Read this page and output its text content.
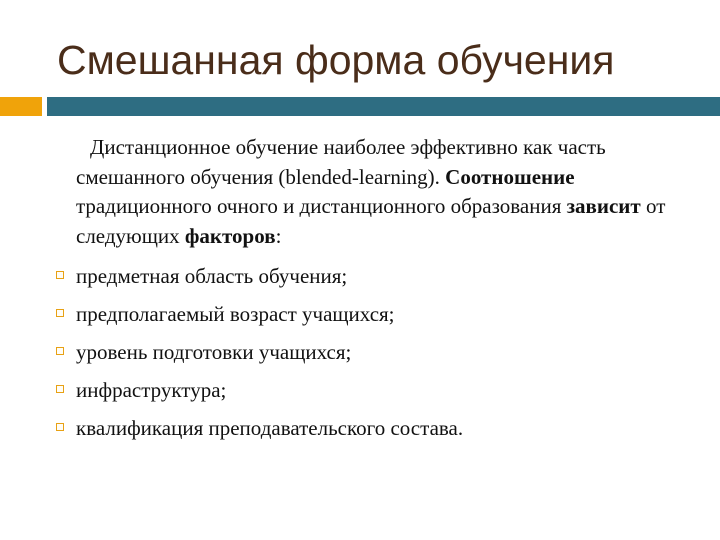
Смешанная форма обучения

Дистанционное обучение наиболее эффективно как часть смешанного обучения (blended-learning). Соотношение традиционного очного и дистанционного образования зависит от следующих факторов:

предметная область обучения;
предполагаемый возраст учащихся;
уровень подготовки учащихся;
инфраструктура;
квалификация преподавательского состава.
